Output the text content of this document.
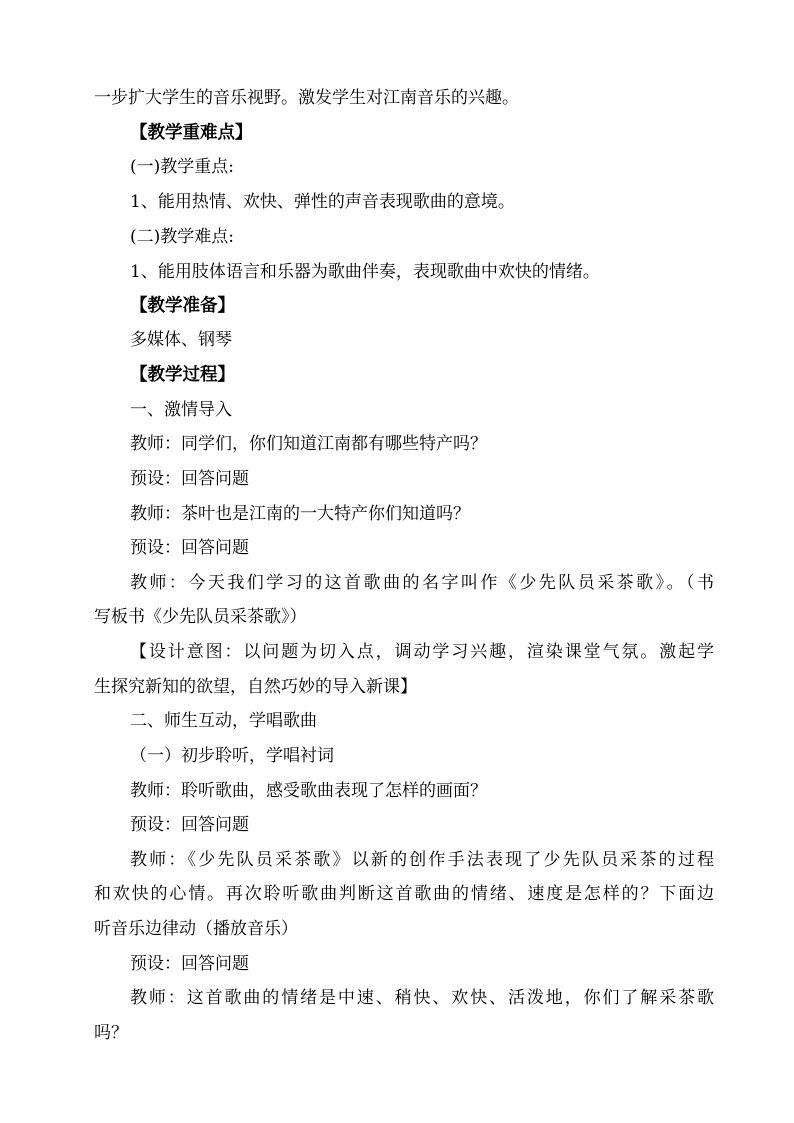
一步扩大学生的音乐视野。激发学生对江南音乐的兴趣。
【教学重难点】
(一)教学重点:
1、能用热情、欢快、弹性的声音表现歌曲的意境。
(二)教学难点:
1、能用肢体语言和乐器为歌曲伴奏，表现歌曲中欢快的情绪。
【教学准备】
多媒体、钢琴
【教学过程】
一、激情导入
教师：同学们，你们知道江南都有哪些特产吗？
预设：回答问题
教师：茶叶也是江南的一大特产你们知道吗？
预设：回答问题
教师：今天我们学习的这首歌曲的名字叫作《少先队员采茶歌》。（书
写板书《少先队员采茶歌》）
【设计意图：以问题为切入点，调动学习兴趣，渲染课堂气氛。激起学
生探究新知的欲望，自然巧妙的导入新课】
二、师生互动，学唱歌曲
（一）初步聆听，学唱衬词
教师：聆听歌曲，感受歌曲表现了怎样的画面？
预设：回答问题
教师：《少先队员采茶歌》以新的创作手法表现了少先队员采茶的过程
和欢快的心情。再次聆听歌曲判断这首歌曲的情绪、速度是怎样的？下面边
听音乐边律动（播放音乐）
预设：回答问题
教师：这首歌曲的情绪是中速、稍快、欢快、活泼地，你们了解采茶歌
吗？
